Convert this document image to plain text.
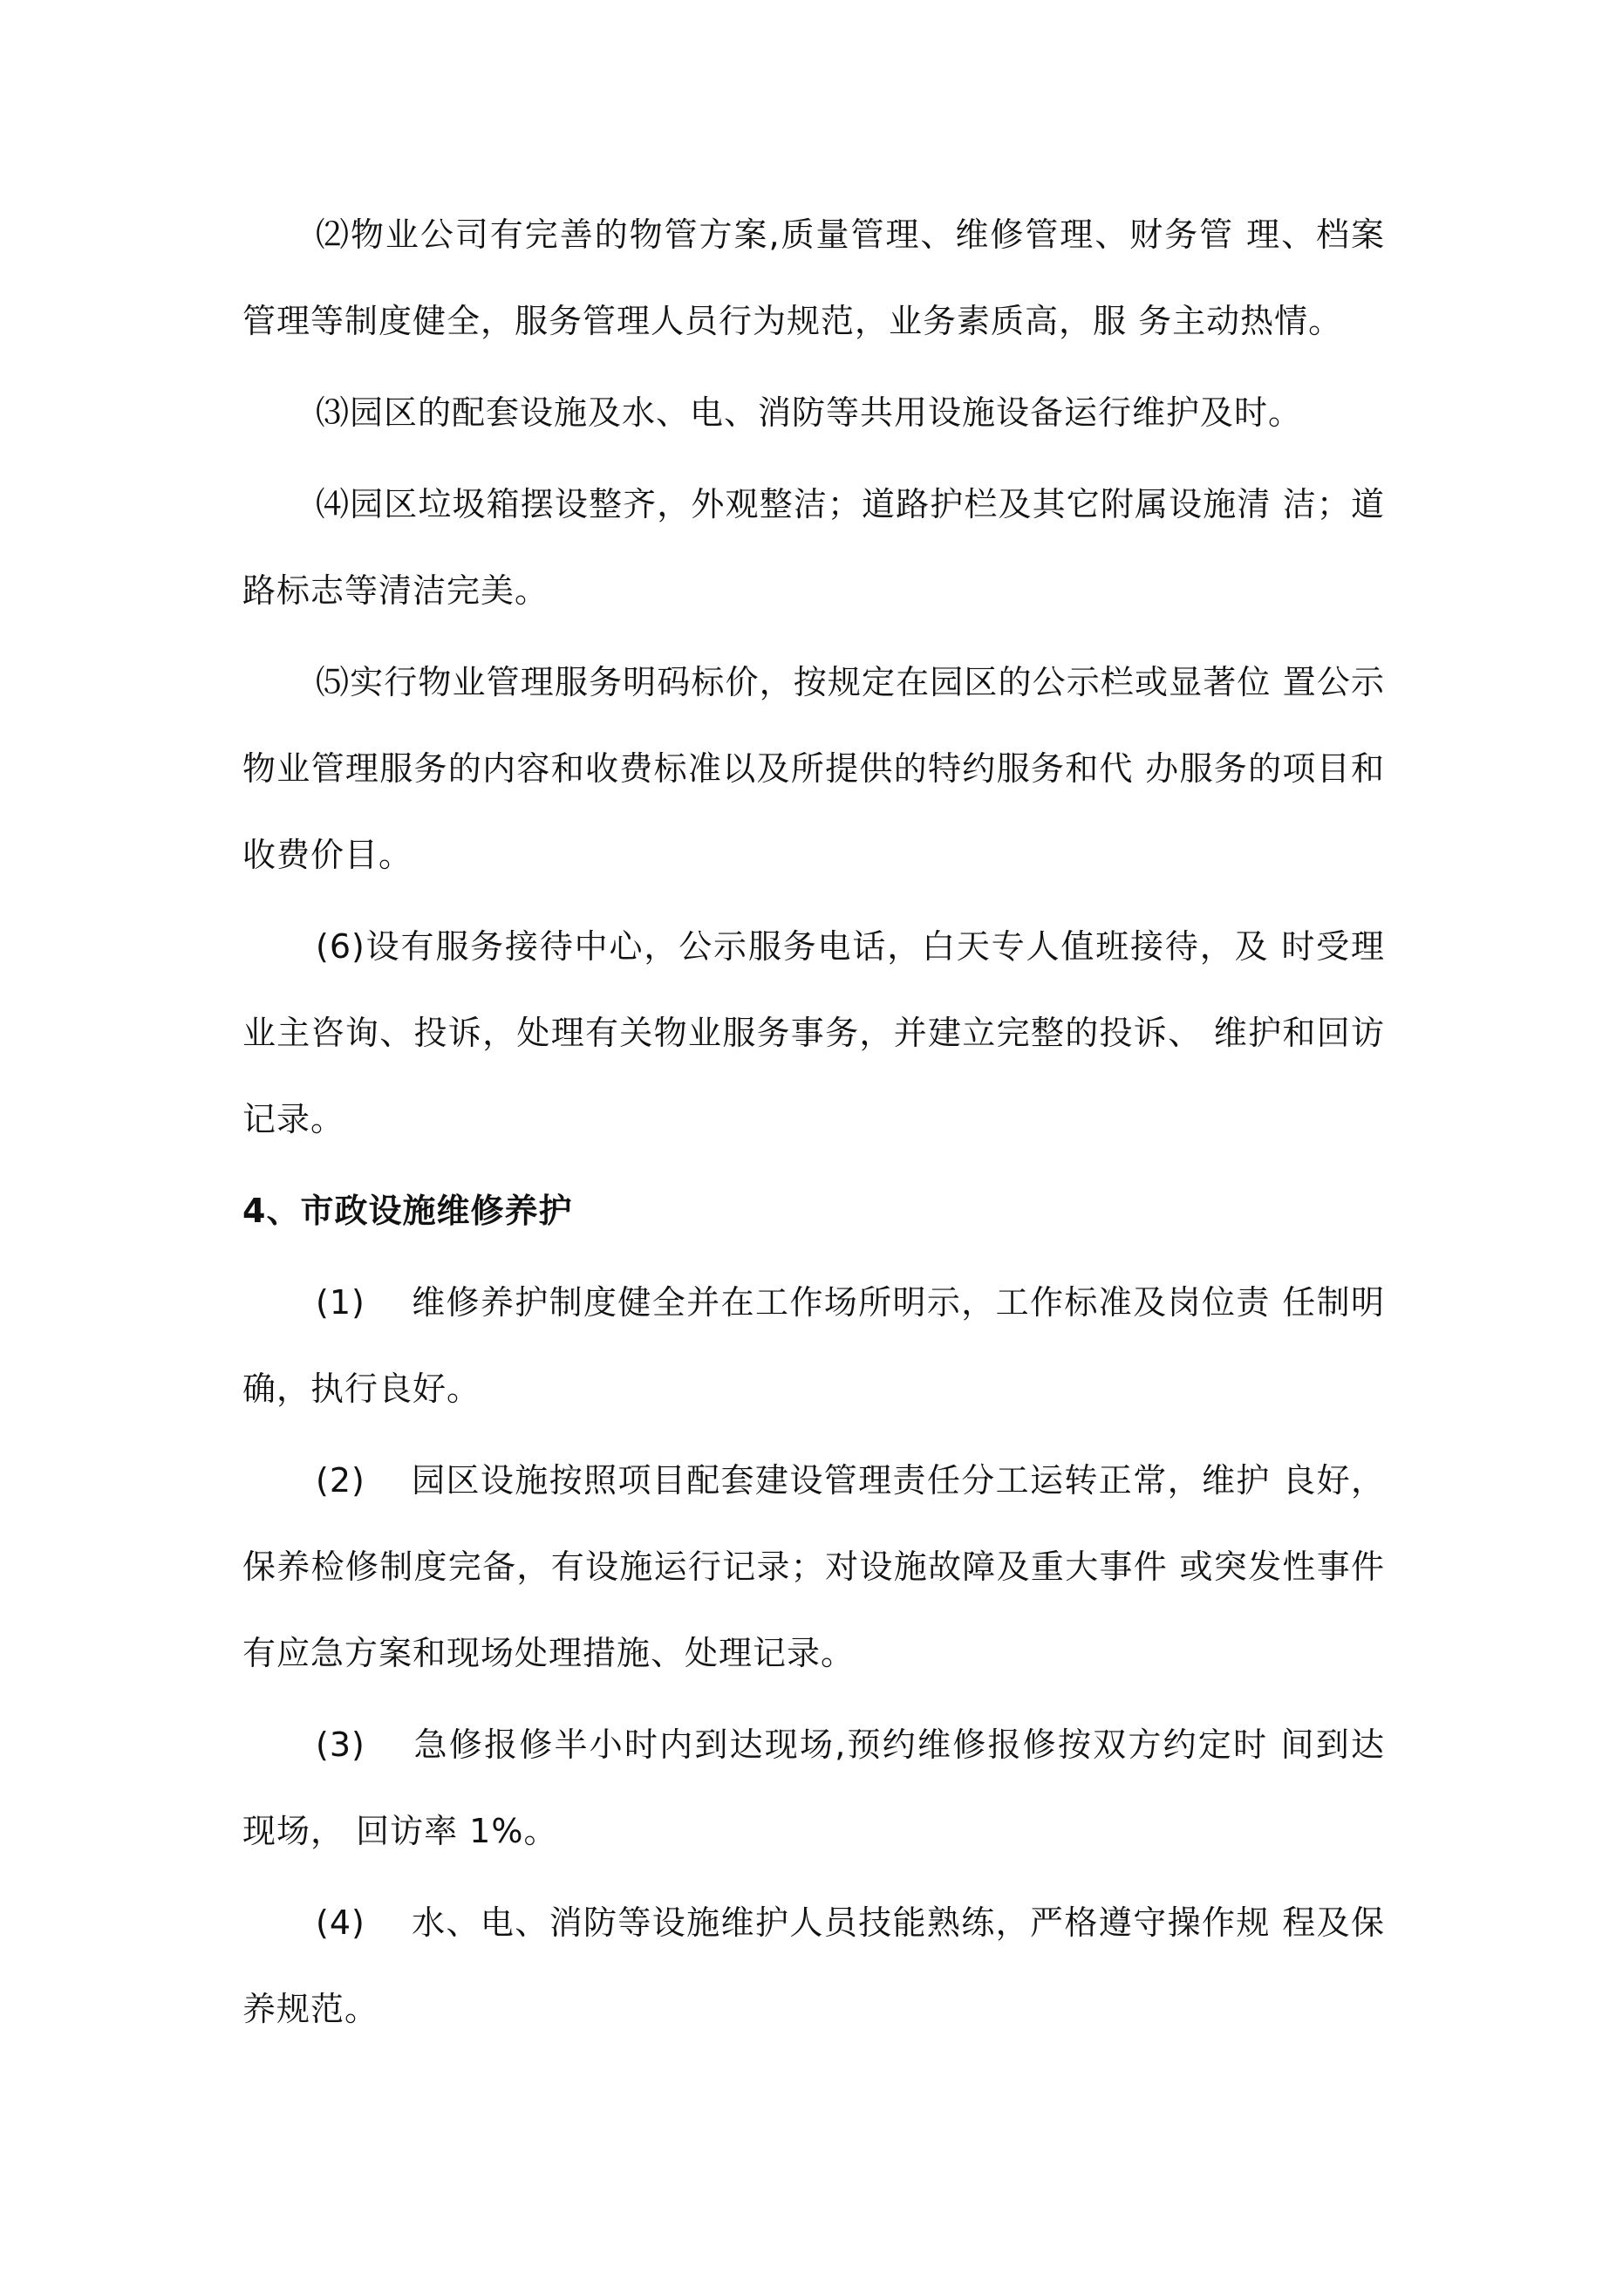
⑵物业公司有完善的物管方案,质量管理、维修管理、财务管 理、档案管理等制度健全，服务管理人员行为规范，业务素质高，服 务主动热情。

⑶园区的配套设施及水、电、消防等共用设施设备运行维护及时。

⑷园区垃圾箱摆设整齐，外观整洁；道路护栏及其它附属设施清 洁；道路标志等清洁完美。

⑸实行物业管理服务明码标价，按规定在园区的公示栏或显著位 置公示物业管理服务的内容和收费标准以及所提供的特约服务和代 办服务的项目和收费价目。

(6)设有服务接待中心，公示服务电话，白天专人值班接待，及 时受理业主咨询、投诉，处理有关物业服务事务，并建立完整的投诉、 维护和回访记录。

4、市政设施维修养护

(1)　 维修养护制度健全并在工作场所明示，工作标准及岗位责 任制明确，执行良好。

(2)　 园区设施按照项目配套建设管理责任分工运转正常，维护 良好，保养检修制度完备，有设施运行记录；对设施故障及重大事件 或突发性事件有应急方案和现场处理措施、处理记录。

(3)　 急修报修半小时内到达现场,预约维修报修按双方约定时 间到达现场， 回访率 1%。

(4)　 水、电、消防等设施维护人员技能熟练，严格遵守操作规 程及保养规范。
